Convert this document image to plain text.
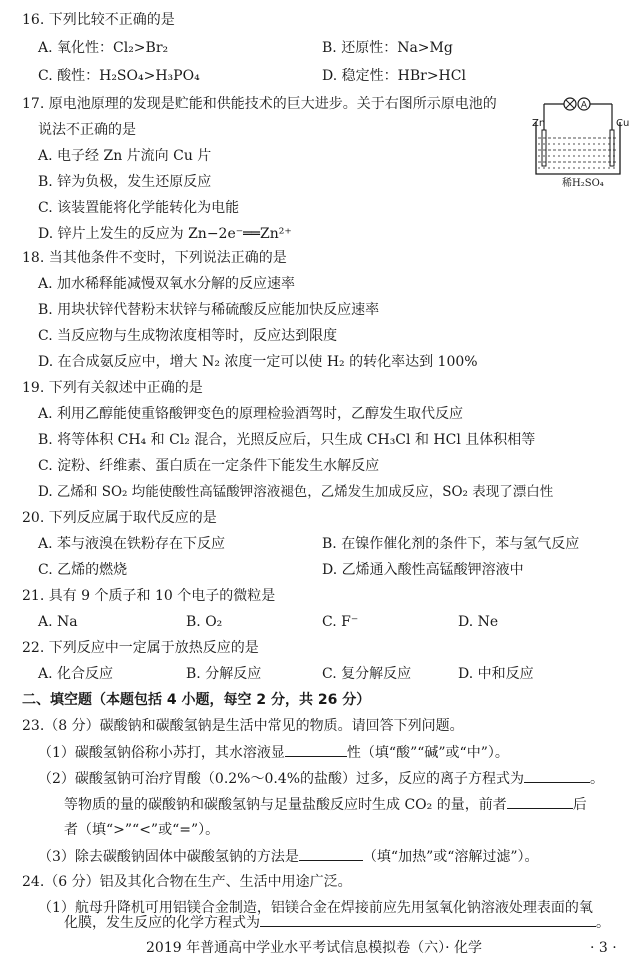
16. 下列比较不正确的是
A. 氧化性：Cl₂>Br₂	B. 还原性：Na>Mg
C. 酸性：H₂SO₄>H₃PO₄	D. 稳定性：HBr>HCl
17. 原电池原理的发现是贮能和供能技术的巨大进步。关于右图所示原电池的
说法不正确的是
A. 电子经 Zn 片流向 Cu 片
B. 锌为负极，发生还原反应
C. 该装置能将化学能转化为电能
D. 锌片上发生的反应为 Zn−2e⁻══Zn²⁺
A
Zn	Cu
稀H₂SO₄
18. 当其他条件不变时，下列说法正确的是
A. 加水稀释能减慢双氧水分解的反应速率
B. 用块状锌代替粉末状锌与稀硫酸反应能加快反应速率
C. 当反应物与生成物浓度相等时，反应达到限度
D. 在合成氨反应中，增大 N₂ 浓度一定可以使 H₂ 的转化率达到 100%
19. 下列有关叙述中正确的是
A. 利用乙醇能使重铬酸钾变色的原理检验酒驾时，乙醇发生取代反应
B. 将等体积 CH₄ 和 Cl₂ 混合，光照反应后，只生成 CH₃Cl 和 HCl 且体积相等
C. 淀粉、纤维素、蛋白质在一定条件下能发生水解反应
D. 乙烯和 SO₂ 均能使酸性高锰酸钾溶液褪色，乙烯发生加成反应，SO₂ 表现了漂白性
20. 下列反应属于取代反应的是
A. 苯与液溴在铁粉存在下反应	B. 在镍作催化剂的条件下，苯与氢气反应
C. 乙烯的燃烧	D. 乙烯通入酸性高锰酸钾溶液中
21. 具有 9 个质子和 10 个电子的微粒是
A. Na	B. O₂	C. F⁻	D. Ne
22. 下列反应中一定属于放热反应的是
A. 化合反应	B. 分解反应	C. 复分解反应	D. 中和反应
二、填空题（本题包括 4 小题，每空 2 分，共 26 分）
23.（8 分）碳酸钠和碳酸氢钠是生活中常见的物质。请回答下列问题。
（1）碳酸氢钠俗称小苏打，其水溶液显	性（填“酸”“碱”或“中”）。
（2）碳酸氢钠可治疗胃酸（0.2%～0.4%的盐酸）过多，反应的离子方程式为	。
等物质的量的碳酸钠和碳酸氢钠与足量盐酸反应时生成 CO₂ 的量，前者	后
者（填“>”“<”或“=”）。
（3）除去碳酸钠固体中碳酸氢钠的方法是	（填“加热”或“溶解过滤”）。
24.（6 分）铝及其化合物在生产、生活中用途广泛。
（1）航母升降机可用铝镁合金制造，铝镁合金在焊接前应先用氢氧化钠溶液处理表面的氧
化膜，发生反应的化学方程式为	。
2019 年普通高中学业水平考试信息模拟卷（六）· 化学	· 3 ·
